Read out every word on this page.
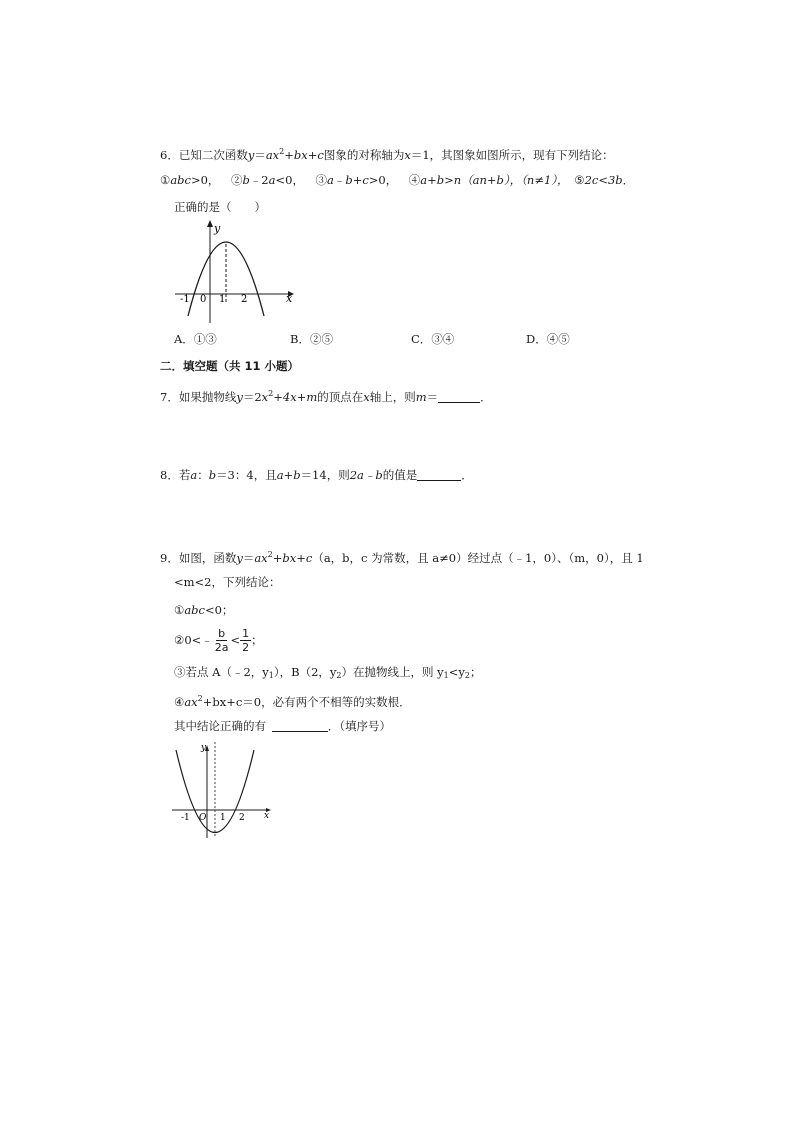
6．已知二次函数$y=ax^2+bx+c$图象的对称轴为x＝1，其图象如图所示，现有下列结论：
①abc>0，  ②b﹣2a<0，  ③a﹣b+c>0，  ④a+b>n（an+b），（n≠1），  ⑤2c<3b．
正确的是（　　）
y
x
-1 0 1 2
A．①③	B．②⑤	C．③④	D．④⑤
二．填空题（共 11 小题）
7．如果抛物线$y=2x^2+4x+m$的顶点在x轴上，则m＝	．
8．若a：b＝3：4，且a+b＝14，则2a﹣b的值是	．
9．如图，函数$y=ax^2+bx+c(a$，b，c 为常数，且 a≠0）经过点（﹣1，0）、（m，0），且 1
<m<2，下列结论：
①abc<0；
② 0<﹣ $\frac{b}{2a} < \frac{1}{2}$ ；
③若点 A（﹣2，$y_1$），B（2，$y_2$）在抛物线上，则 $y_1<y_2$；
$④ax^2+bx+c=0$，必有两个不相等的实数根．
其中结论正确的有 	．（填序号）
y
x
-1 O 1 2
